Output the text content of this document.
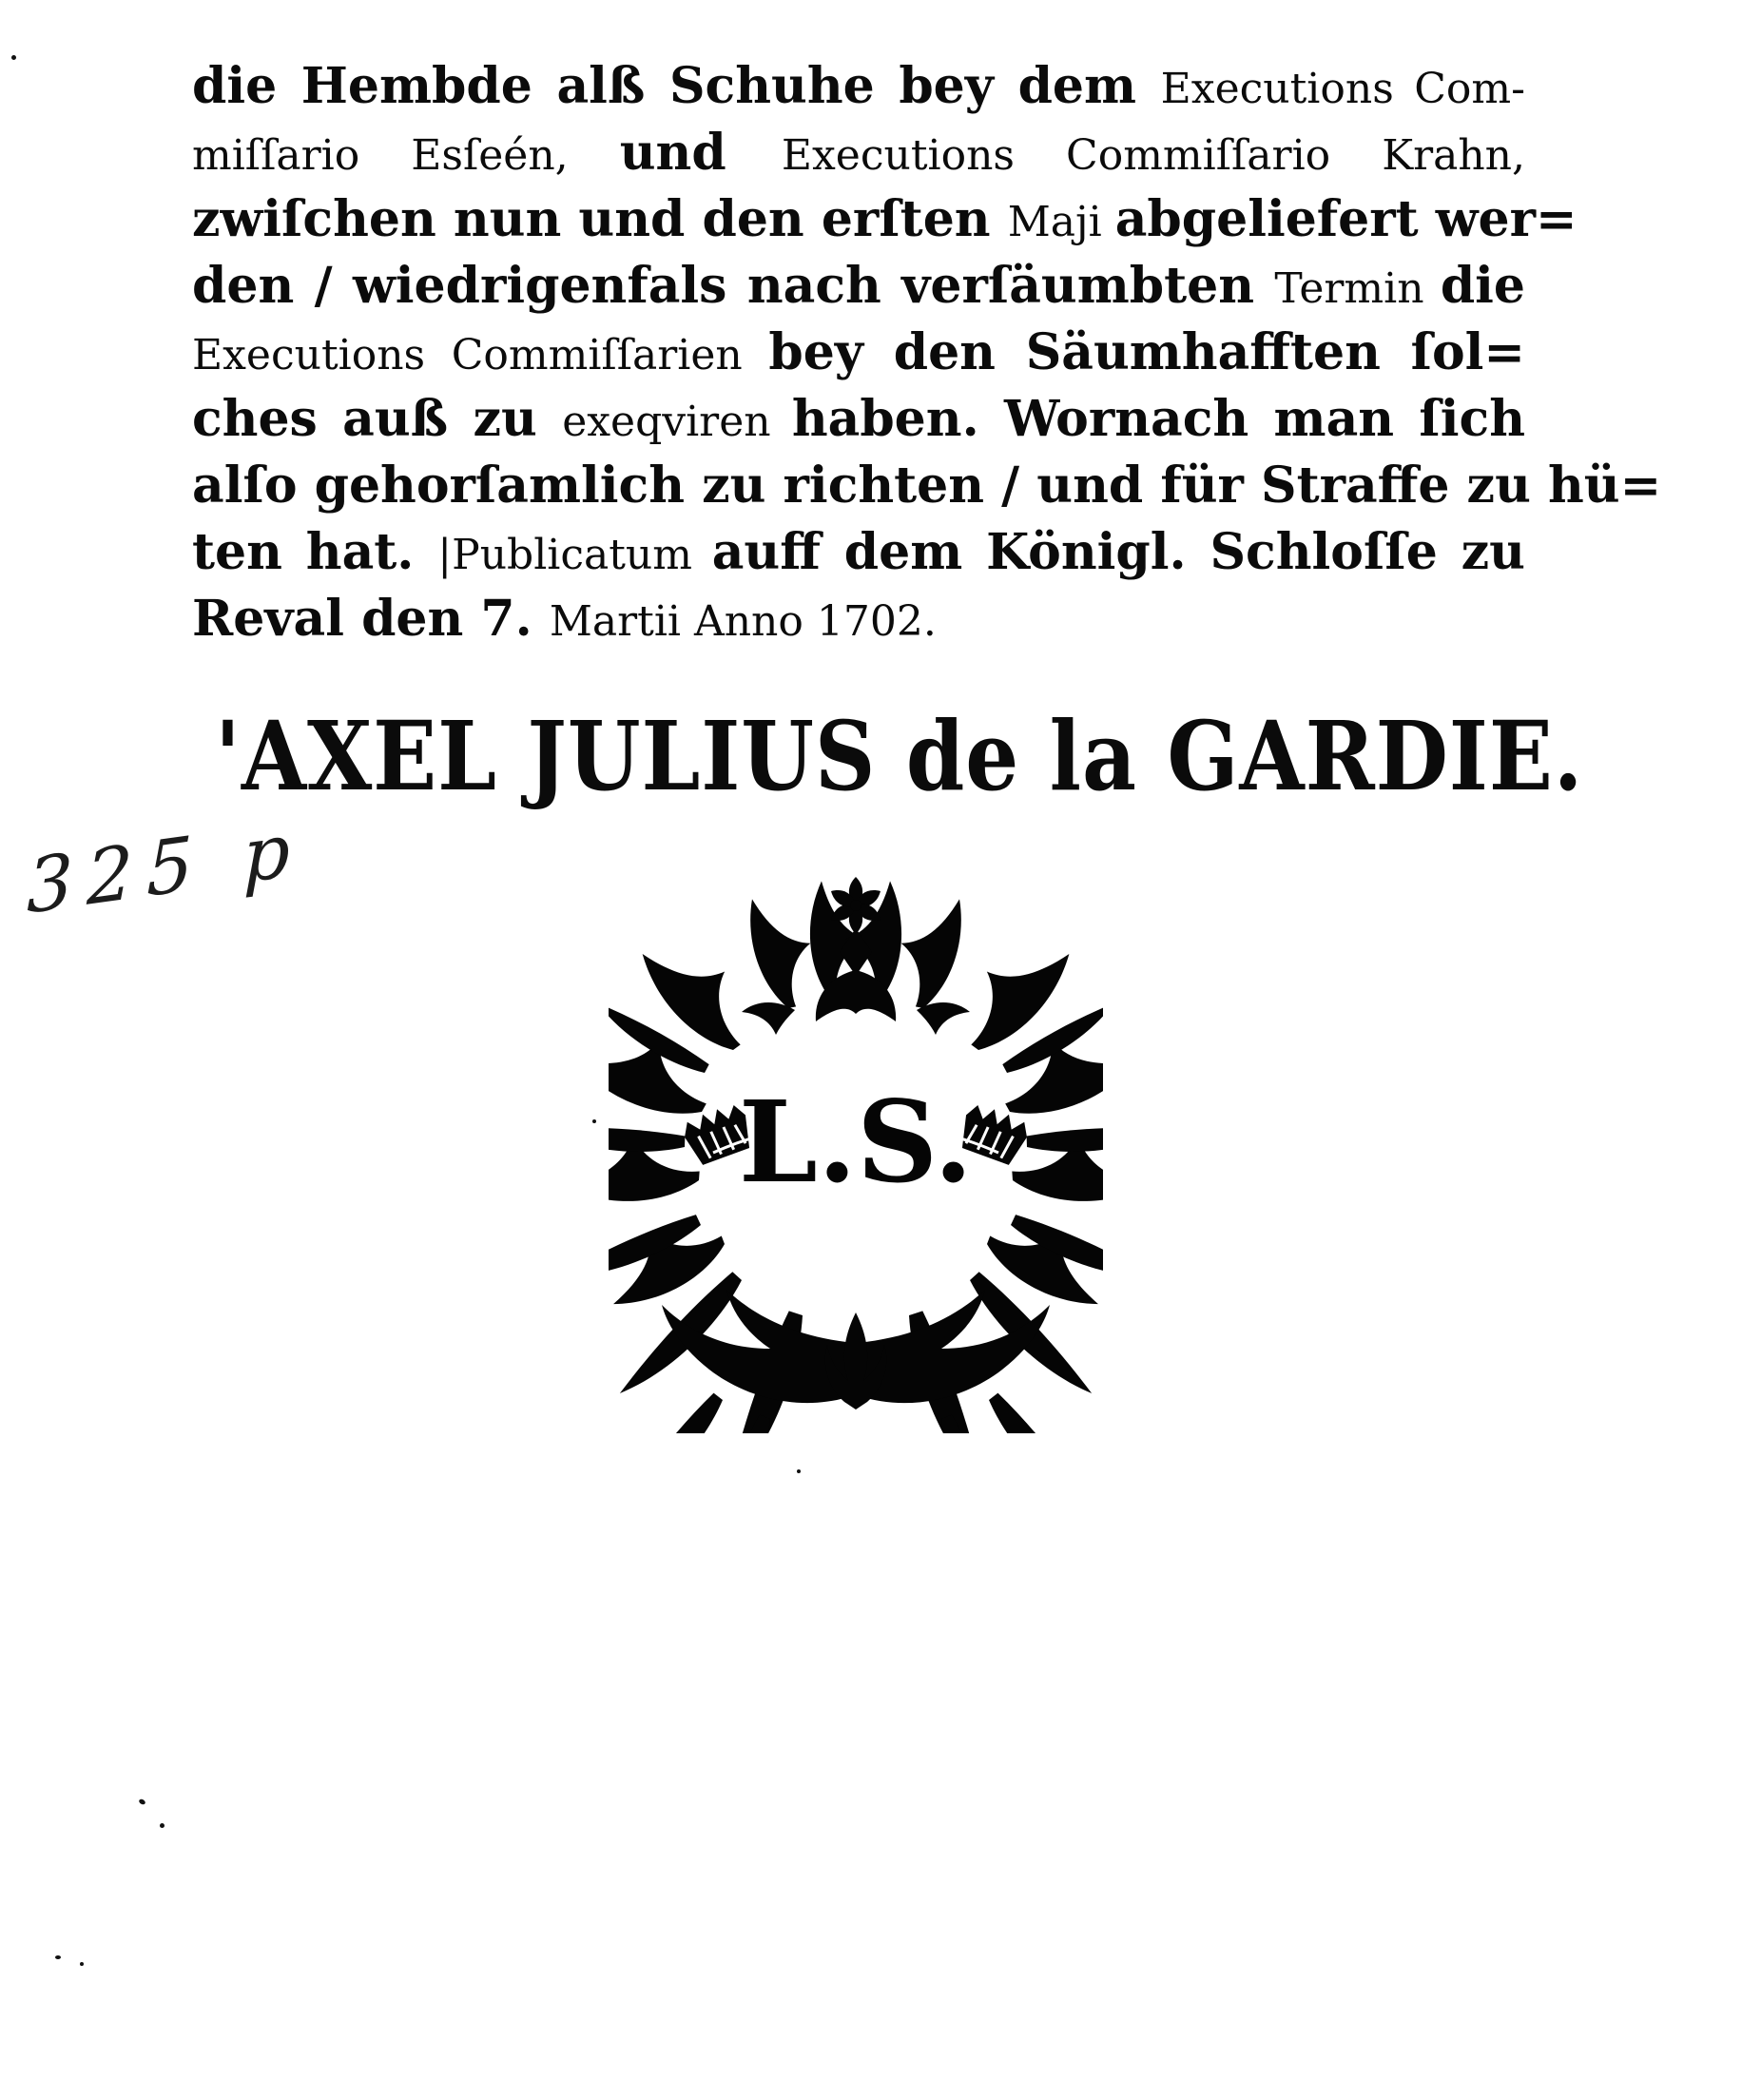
die Hembde alß Schuhe bey dem Executions Com-
miſſario Esſeén, und Executions Commiſſario Krahn,
zwiſchen nun und den erſten Maji abgeliefert wer=
den / wiedrigenfals nach verſäumbten Termin die
Executions Commiſſarien bey den Säumhafften ſol=
ches auß zu exeqviren haben. Wornach man ſich
alſo gehorſamlich zu richten / und für Straffe zu hü=
ten hat. |Publicatum auff dem Königl. Schloſſe zu
Reval den 7. Martii Anno 1702.
'AXEL JULIUS de la GARDIE.
325 p
L.S.
